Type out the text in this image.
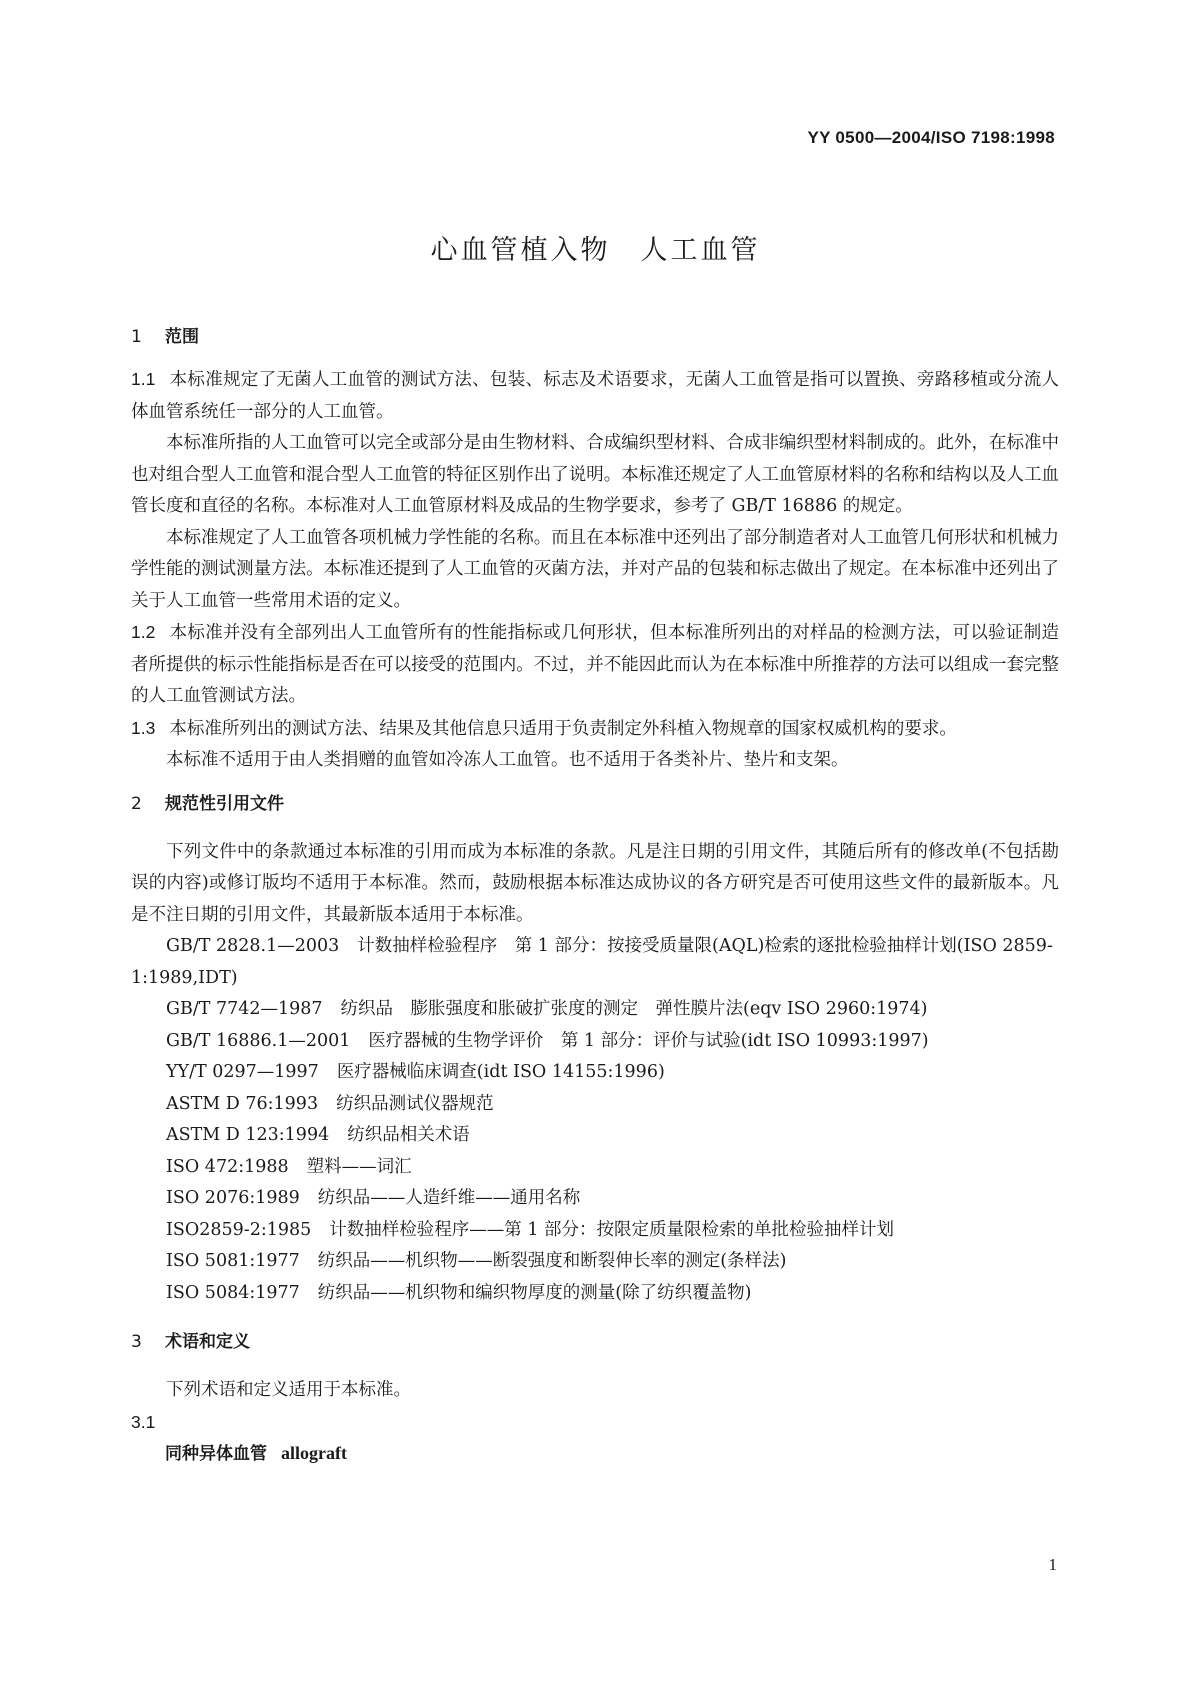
YY 0500—2004/ISO 7198:1998
心血管植入物　人工血管
1 范围

1.1 本标准规定了无菌人工血管的测试方法、包装、标志及术语要求，无菌人工血管是指可以置换、旁路移植或分流人体血管系统任一部分的人工血管。

本标准所指的人工血管可以完全或部分是由生物材料、合成编织型材料、合成非编织型材料制成的。此外，在标准中也对组合型人工血管和混合型人工血管的特征区别作出了说明。本标准还规定了人工血管原材料的名称和结构以及人工血管长度和直径的名称。本标准对人工血管原材料及成品的生物学要求，参考了 GB/T 16886 的规定。

本标准规定了人工血管各项机械力学性能的名称。而且在本标准中还列出了部分制造者对人工血管几何形状和机械力学性能的测试测量方法。本标准还提到了人工血管的灭菌方法，并对产品的包装和标志做出了规定。在本标准中还列出了关于人工血管一些常用术语的定义。

1.2 本标准并没有全部列出人工血管所有的性能指标或几何形状，但本标准所列出的对样品的检测方法，可以验证制造者所提供的标示性能指标是否在可以接受的范围内。不过，并不能因此而认为在本标准中所推荐的方法可以组成一套完整的人工血管测试方法。

1.3 本标准所列出的测试方法、结果及其他信息只适用于负责制定外科植入物规章的国家权威机构的要求。

本标准不适用于由人类捐赠的血管如冷冻人工血管。也不适用于各类补片、垫片和支架。

2 规范性引用文件

下列文件中的条款通过本标准的引用而成为本标准的条款。凡是注日期的引用文件，其随后所有的修改单(不包括勘误的内容)或修订版均不适用于本标准。然而，鼓励根据本标准达成协议的各方研究是否可使用这些文件的最新版本。凡是不注日期的引用文件，其最新版本适用于本标准。

GB/T 2828.1—2003 计数抽样检验程序　第 1 部分：按接受质量限(AQL)检索的逐批检验抽样计划(ISO 2859-1:1989,IDT)

GB/T 7742—1987 纺织品　膨胀强度和胀破扩张度的测定　弹性膜片法(eqv ISO 2960:1974)

GB/T 16886.1—2001 医疗器械的生物学评价　第 1 部分：评价与试验(idt ISO 10993:1997)

YY/T 0297—1997 医疗器械临床调查(idt ISO 14155:1996)

ASTM D 76:1993 纺织品测试仪器规范

ASTM D 123:1994 纺织品相关术语

ISO 472:1988 塑料——词汇

ISO 2076:1989 纺织品——人造纤维——通用名称

ISO2859-2:1985 计数抽样检验程序——第 1 部分：按限定质量限检索的单批检验抽样计划

ISO 5081:1977 纺织品——机织物——断裂强度和断裂伸长率的测定(条样法)

ISO 5084:1977 纺织品——机织物和编织物厚度的测量(除了纺织覆盖物)

3 术语和定义

下列术语和定义适用于本标准。

3.1

同种异体血管 allograft

1
